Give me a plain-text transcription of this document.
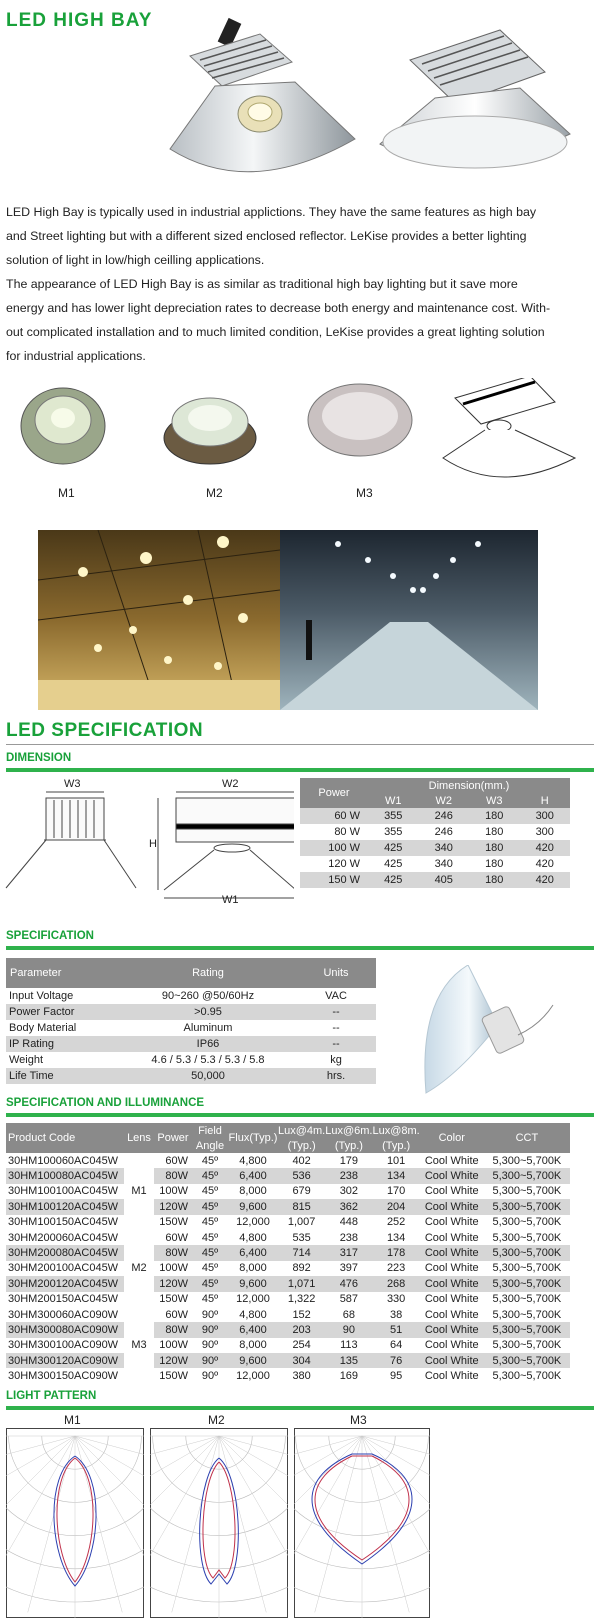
LED HIGH BAY
LED High Bay is typically used in industrial applictions. They have the same features as high bay
and Street lighting but with a different sized enclosed reflector. LeKise provides a better lighting
solution of light in low/high ceilling applications.
The appearance of LED High Bay is as similar as traditional high bay lighting but it save more
energy and has lower light depreciation rates to decrease both energy and maintenance cost. With-
out complicated installation and to much limited condition, LeKise provides a great lighting solution
for industrial applications.
M1	M2	M3
LED SPECIFICATION
DIMENSION
W3	W2
H
W1
Power	Dimension(mm.)			
	W1	W2	W3	H
60 W	355	246	180	300
80 W	355	246	180	300
100 W	425	340	180	420
120 W	425	340	180	420
150 W	425	405	180	420
SPECIFICATION
Parameter	Rating	Units
Input Voltage	90~260 @50/60Hz	VAC
Power Factor	>0.95	--
Body Material	Aluminum	--
IP Rating	IP66	--
Weight	4.6 / 5.3 / 5.3 / 5.3 / 5.8	kg
Life Time	50,000	hrs.
SPECIFICATION AND ILLUMINANCE
Product Code	Lens	Power	Field	Flux(Typ.)	Lux@4m.	Lux@6m.	Lux@8m.	Color	CCT
			Angle		(Typ.)	(Typ.)	(Typ.)		
30HM100060AC045W		60W	45º	4,800	402	179	101	Cool White	5,300~5,700K
30HM100080AC045W		80W	45º	6,400	536	238	134	Cool White	5,300~5,700K
30HM100100AC045W	M1	100W	45º	8,000	679	302	170	Cool White	5,300~5,700K
30HM100120AC045W		120W	45º	9,600	815	362	204	Cool White	5,300~5,700K
30HM100150AC045W		150W	45º	12,000	1,007	448	252	Cool White	5,300~5,700K
30HM200060AC045W		60W	45º	4,800	535	238	134	Cool White	5,300~5,700K
30HM200080AC045W		80W	45º	6,400	714	317	178	Cool White	5,300~5,700K
30HM200100AC045W	M2	100W	45º	8,000	892	397	223	Cool White	5,300~5,700K
30HM200120AC045W		120W	45º	9,600	1,071	476	268	Cool White	5,300~5,700K
30HM200150AC045W		150W	45º	12,000	1,322	587	330	Cool White	5,300~5,700K
30HM300060AC090W		60W	90º	4,800	152	68	38	Cool White	5,300~5,700K
30HM300080AC090W		80W	90º	6,400	203	90	51	Cool White	5,300~5,700K
30HM300100AC090W	M3	100W	90º	8,000	254	113	64	Cool White	5,300~5,700K
30HM300120AC090W		120W	90º	9,600	304	135	76	Cool White	5,300~5,700K
30HM300150AC090W		150W	90º	12,000	380	169	95	Cool White	5,300~5,700K
LIGHT PATTERN
M1	M2	M3
